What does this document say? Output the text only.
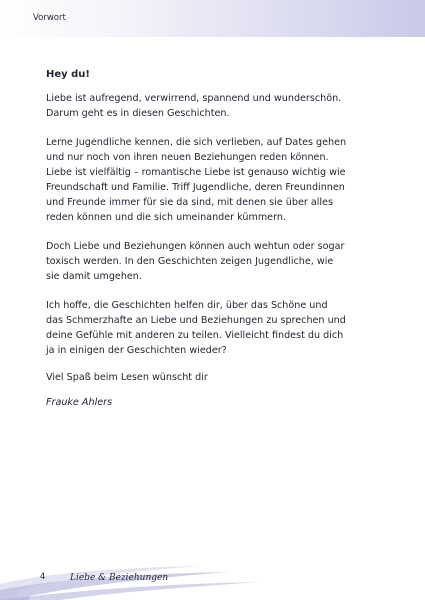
Vorwort

Hey du!

Liebe ist aufregend, verwirrend, spannend und wunderschön.
Darum geht es in diesen Geschichten.

Lerne Jugendliche kennen, die sich verlieben, auf Dates gehen
und nur noch von ihren neuen Beziehungen reden können.
Liebe ist vielfältig – romantische Liebe ist genauso wichtig wie
Freundschaft und Familie. Triff Jugendliche, deren Freundinnen
und Freunde immer für sie da sind, mit denen sie über alles
reden können und die sich umeinander kümmern.

Doch Liebe und Beziehungen können auch wehtun oder sogar
toxisch werden. In den Geschichten zeigen Jugendliche, wie
sie damit umgehen.

Ich hoffe, die Geschichten helfen dir, über das Schöne und
das Schmerzhafte an Liebe und Beziehungen zu sprechen und
deine Gefühle mit anderen zu teilen. Vielleicht findest du dich
ja in einigen der Geschichten wieder?

Viel Spaß beim Lesen wünscht dir

Frauke Ahlers

4	Liebe & Beziehungen
